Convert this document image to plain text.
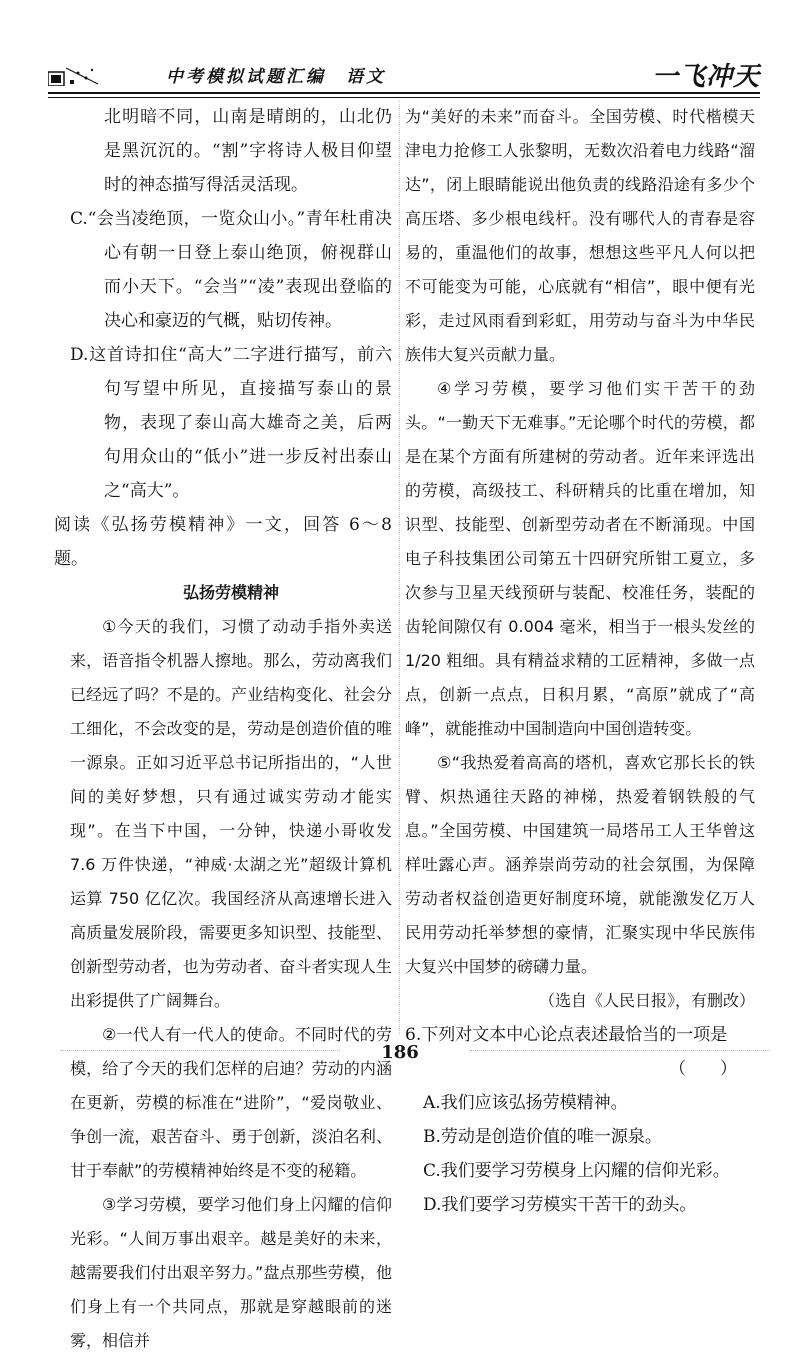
中考模拟试题汇编　语文	一飞冲天

北明暗不同，山南是晴朗的，山北仍是黑沉沉的。“割”字将诗人极目仰望时的神态描写得活灵活现。

C.“会当凌绝顶，一览众山小。”青年杜甫决心有朝一日登上泰山绝顶，俯视群山而小天下。“会当”“凌”表现出登临的决心和豪迈的气概，贴切传神。

D.这首诗扣住“高大”二字进行描写，前六句写望中所见，直接描写泰山的景物，表现了泰山高大雄奇之美，后两句用众山的“低小”进一步反衬出泰山之“高大”。

阅读《弘扬劳模精神》一文，回答 6～8 题。

弘扬劳模精神

①今天的我们，习惯了动动手指外卖送来，语音指令机器人擦地。那么，劳动离我们已经远了吗？不是的。产业结构变化、社会分工细化，不会改变的是，劳动是创造价值的唯一源泉。正如习近平总书记所指出的，“人世间的美好梦想，只有通过诚实劳动才能实现”。在当下中国，一分钟，快递小哥收发 7.6 万件快递，“神威·太湖之光”超级计算机运算 750 亿亿次。我国经济从高速增长进入高质量发展阶段，需要更多知识型、技能型、创新型劳动者，也为劳动者、奋斗者实现人生出彩提供了广阔舞台。

②一代人有一代人的使命。不同时代的劳模，给了今天的我们怎样的启迪？劳动的内涵在更新，劳模的标准在“进阶”，“爱岗敬业、争创一流，艰苦奋斗、勇于创新，淡泊名利、甘于奉献”的劳模精神始终是不变的秘籍。

③学习劳模，要学习他们身上闪耀的信仰光彩。“人间万事出艰辛。越是美好的未来，越需要我们付出艰辛努力。”盘点那些劳模，他们身上有一个共同点，那就是穿越眼前的迷雾，相信并

为“美好的未来”而奋斗。全国劳模、时代楷模天津电力抢修工人张黎明，无数次沿着电力线路“溜达”，闭上眼睛能说出他负责的线路沿途有多少个高压塔、多少根电线杆。没有哪代人的青春是容易的，重温他们的故事，想想这些平凡人何以把不可能变为可能，心底就有“相信”，眼中便有光彩，走过风雨看到彩虹，用劳动与奋斗为中华民族伟大复兴贡献力量。

④学习劳模，要学习他们实干苦干的劲头。“一勤天下无难事。”无论哪个时代的劳模，都是在某个方面有所建树的劳动者。近年来评选出的劳模，高级技工、科研精兵的比重在增加，知识型、技能型、创新型劳动者在不断涌现。中国电子科技集团公司第五十四研究所钳工夏立，多次参与卫星天线预研与装配、校准任务，装配的齿轮间隙仅有 0.004 毫米，相当于一根头发丝的 1/20 粗细。具有精益求精的工匠精神，多做一点点，创新一点点，日积月累，“高原”就成了“高峰”，就能推动中国制造向中国创造转变。

⑤“我热爱着高高的塔机，喜欢它那长长的铁臂、炽热通往天路的神梯，热爱着钢铁般的气息。”全国劳模、中国建筑一局塔吊工人王华曾这样吐露心声。涵养崇尚劳动的社会氛围，为保障劳动者权益创造更好制度环境，就能激发亿万人民用劳动托举梦想的豪情，汇聚实现中华民族伟大复兴中国梦的磅礴力量。

（选自《人民日报》，有删改）

6.下列对文本中心论点表述最恰当的一项是

（　　）

A.我们应该弘扬劳模精神。

B.劳动是创造价值的唯一源泉。

C.我们要学习劳模身上闪耀的信仰光彩。

D.我们要学习劳模实干苦干的劲头。

186
